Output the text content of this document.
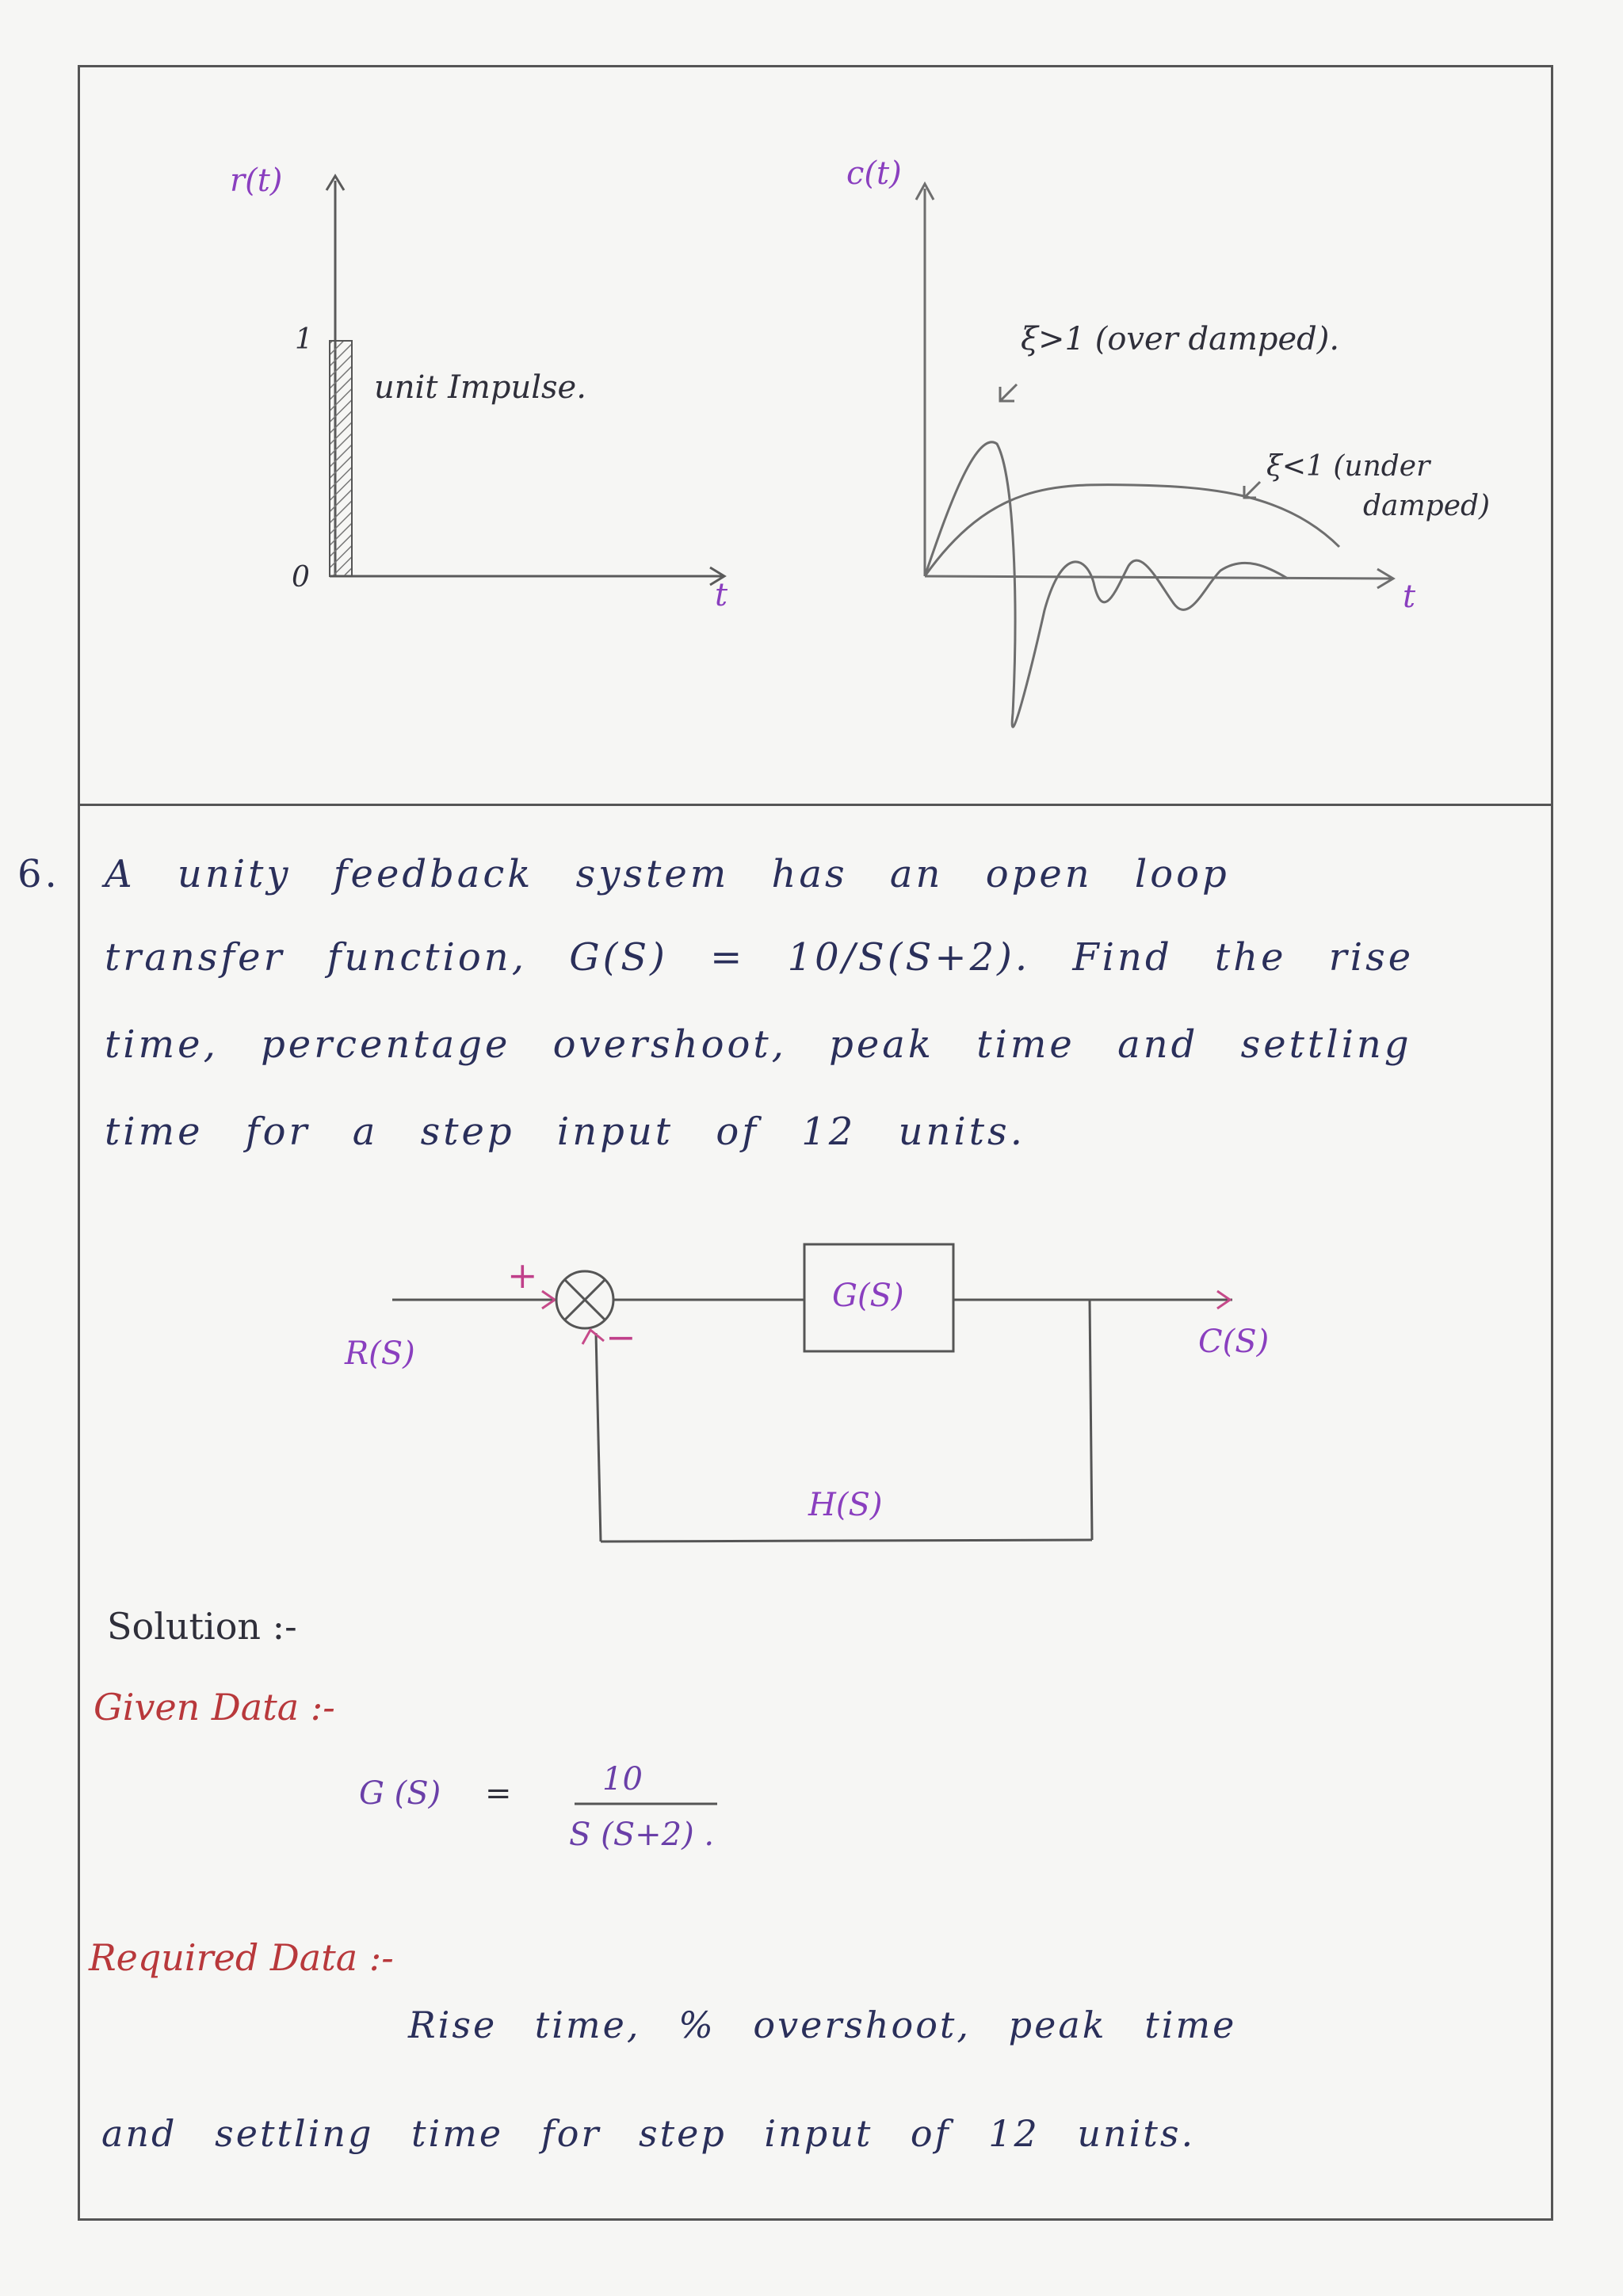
r(t)
t
1
0
unit Impulse.
c(t)
t
ξ>1 (over damped).
ξ<1 (under
damped)
6. A unity feedback system has an open loop
transfer function, G(S) = 10/S(S+2). Find the rise
time, percentage overshoot, peak time and settling
time for a step input of 12 units.
+
−
G(S)
R(S)	C(S)
H(S)
Solution :-
Given Data :-
G (S) =	10
S (S+2) .
Required Data :-
Rise time, % overshoot, peak time
and settling time for step input of 12 units.
